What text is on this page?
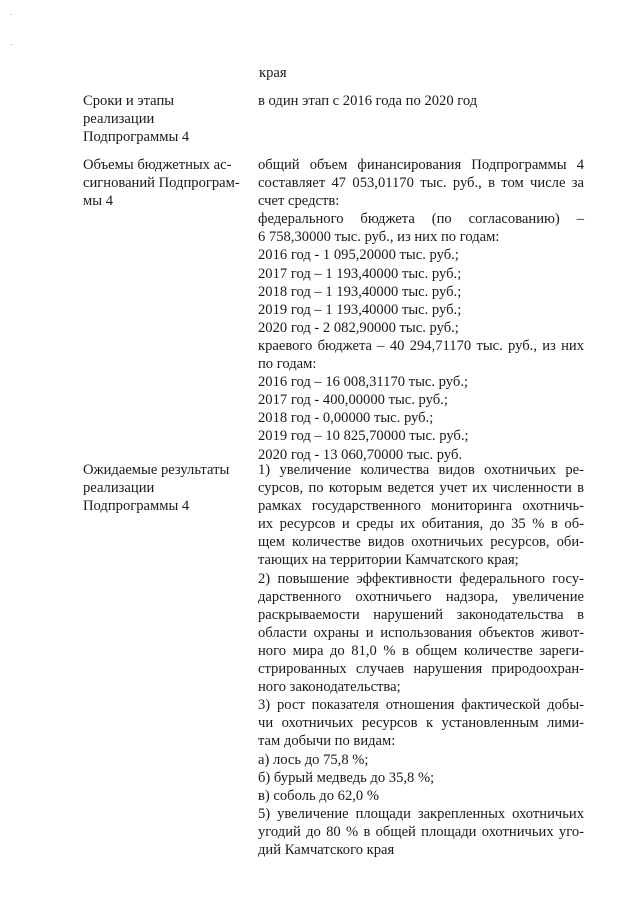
края
Сроки и этапы
реализации
Подпрограммы 4
в один этап с 2016 года по 2020 год
Объемы бюджетных ас-
сигнований Подпрограм-
мы 4
общий объем финансирования Подпрограммы 4
составляет 47 053,01170 тыс. руб., в том числе за
счет средств:
федерального бюджета (по согласованию) –
6 758,30000 тыс. руб., из них по годам:
2016 год - 1 095,20000 тыс. руб.;
2017 год – 1 193,40000 тыс. руб.;
2018 год – 1 193,40000 тыс. руб.;
2019 год – 1 193,40000 тыс. руб.;
2020 год - 2 082,90000 тыс. руб.;
краевого бюджета – 40 294,71170 тыс. руб., из них
по годам:
2016 год – 16 008,31170 тыс. руб.;
2017 год - 400,00000 тыс. руб.;
2018 год - 0,00000 тыс. руб.;
2019 год – 10 825,70000 тыс. руб.;
2020 год - 13 060,70000 тыс. руб.
Ожидаемые результаты
реализации
Подпрограммы 4
1) увеличение количества видов охотничьих ре-
сурсов, по которым ведется учет их численности в
рамках государственного мониторинга охотничь-
их ресурсов и среды их обитания, до 35 % в об-
щем количестве видов охотничьих ресурсов, оби-
тающих на территории Камчатского края;
2) повышение эффективности федерального госу-
дарственного охотничьего надзора, увеличение
раскрываемости нарушений законодательства в
области охраны и использования объектов живот-
ного мира до 81,0 % в общем количестве зареги-
стрированных случаев нарушения природоохран-
ного законодательства;
3) рост показателя отношения фактической добы-
чи охотничьих ресурсов к установленным лими-
там добычи по видам:
а) лось до 75,8 %;
б) бурый медведь до 35,8 %;
в) соболь до 62,0 %
5) увеличение площади закрепленных охотничьих
угодий до 80 % в общей площади охотничьих уго-
дий Камчатского края
